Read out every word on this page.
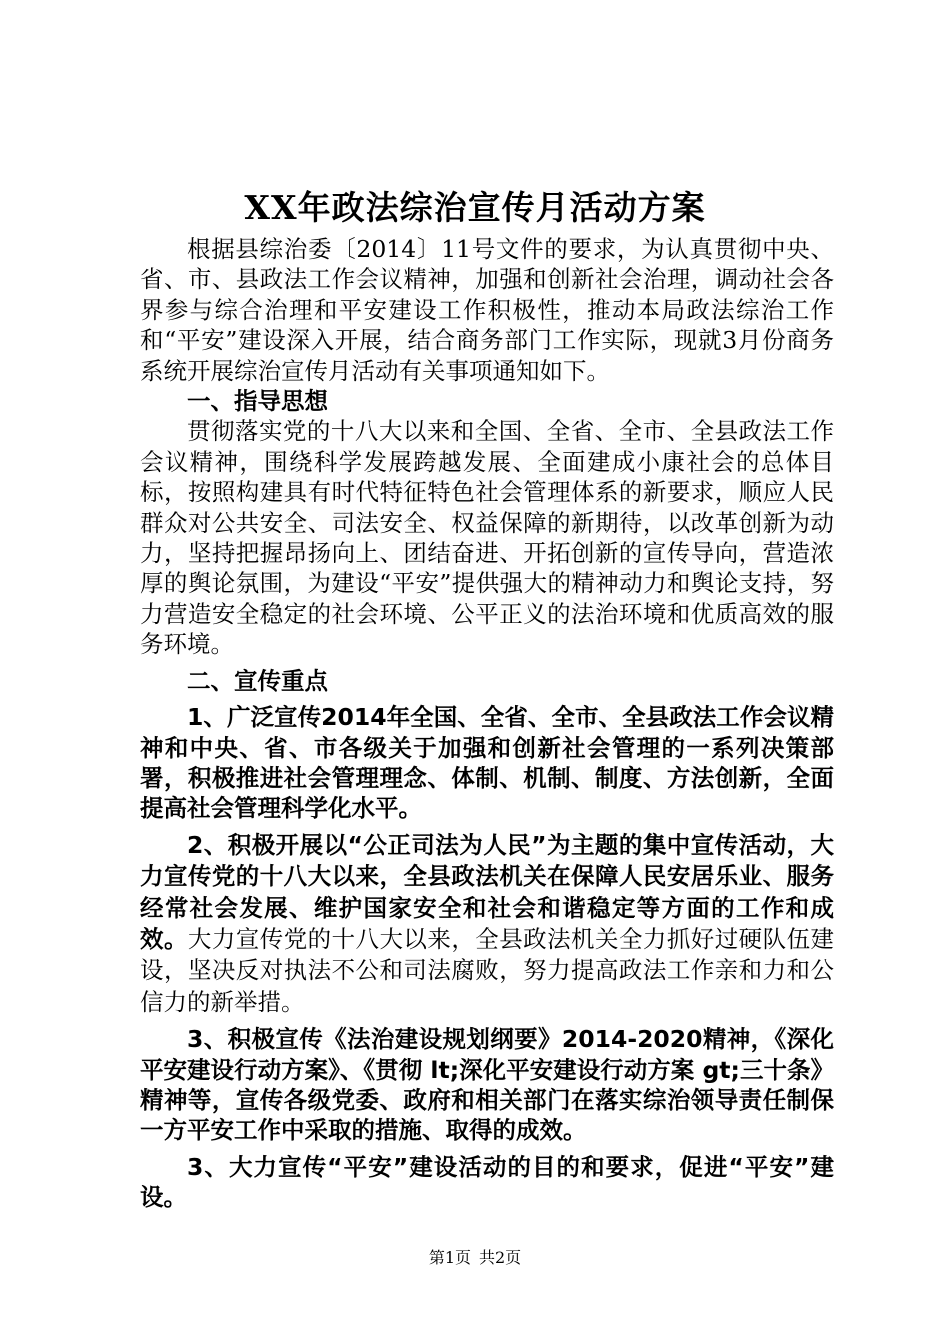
XX年政法综治宣传月活动方案

根据县综治委〔2014〕11号文件的要求，为认真贯彻中央、省、市、县政法工作会议精神，加强和创新社会治理，调动社会各界参与综合治理和平安建设工作积极性，推动本局政法综治工作和“平安”建设深入开展，结合商务部门工作实际，现就3月份商务系统开展综治宣传月活动有关事项通知如下。

一、指导思想

贯彻落实党的十八大以来和全国、全省、全市、全县政法工作会议精神，围绕科学发展跨越发展、全面建成小康社会的总体目标，按照构建具有时代特征特色社会管理体系的新要求，顺应人民群众对公共安全、司法安全、权益保障的新期待，以改革创新为动力，坚持把握昂扬向上、团结奋进、开拓创新的宣传导向，营造浓厚的舆论氛围，为建设“平安”提供强大的精神动力和舆论支持，努力营造安全稳定的社会环境、公平正义的法治环境和优质高效的服务环境。

二、宣传重点

1、广泛宣传2014年全国、全省、全市、全县政法工作会议精神和中央、省、市各级关于加强和创新社会管理的一系列决策部署，积极推进社会管理理念、体制、机制、制度、方法创新，全面提高社会管理科学化水平。

2、积极开展以“公正司法为人民”为主题的集中宣传活动，大力宣传党的十八大以来，全县政法机关在保障人民安居乐业、服务经常社会发展、维护国家安全和社会和谐稳定等方面的工作和成效。大力宣传党的十八大以来，全县政法机关全力抓好过硬队伍建设，坚决反对执法不公和司法腐败，努力提高政法工作亲和力和公信力的新举措。

3、积极宣传《法治建设规划纲要》2014-2020精神，《深化平安建设行动方案》、《贯彻 lt;深化平安建设行动方案 gt;三十条》精神等，宣传各级党委、政府和相关部门在落实综治领导责任制保一方平安工作中采取的措施、取得的成效。

3、大力宣传“平安”建设活动的目的和要求，促进“平安”建设。

第1页 共2页
